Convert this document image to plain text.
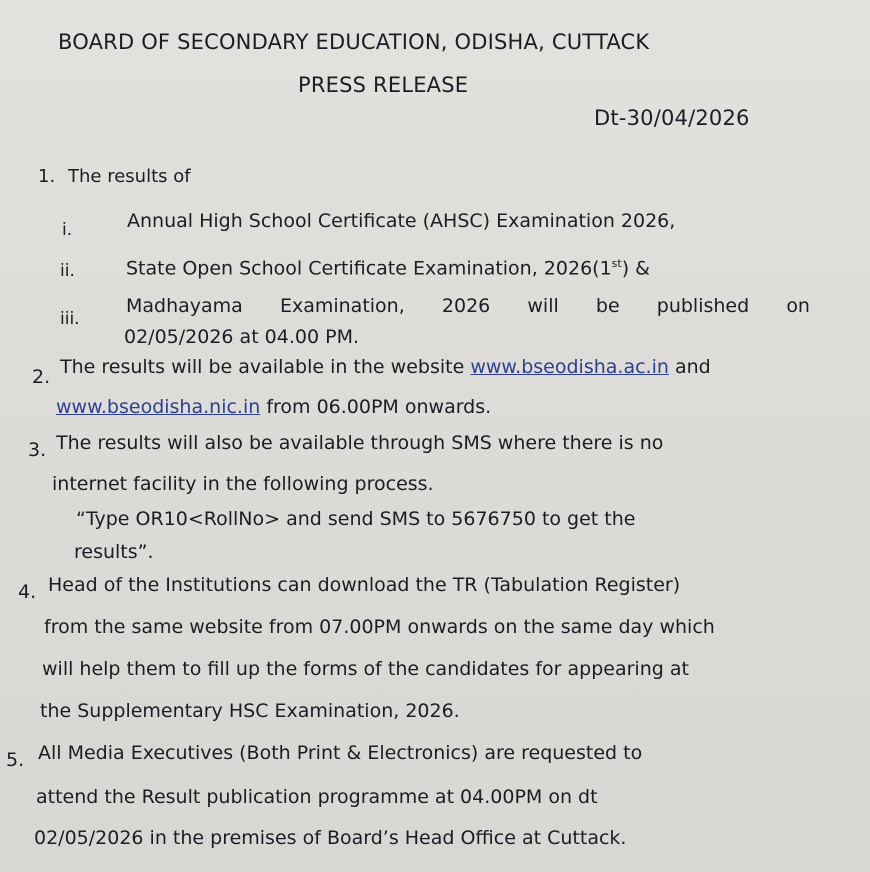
BOARD OF SECONDARY EDUCATION, ODISHA, CUTTACK
PRESS RELEASE
Dt-30/04/2026
1. The results of
i.	Annual High School Certificate (AHSC) Examination 2026,
ii.	State Open School Certificate Examination, 2026(1st) &
iii.
Madhayama Examination, 2026 will be published on
02/05/2026 at 04.00 PM.
2. The results will be available in the website www.bseodisha.ac.in and
www.bseodisha.nic.in from 06.00PM onwards.
3. The results will also be available through SMS where there is no
internet facility in the following process.
“Type OR10<RollNo> and send SMS to 5676750 to get the
results”.
4. Head of the Institutions can download the TR (Tabulation Register)
from the same website from 07.00PM onwards on the same day which
will help them to fill up the forms of the candidates for appearing at
the Supplementary HSC Examination, 2026.
5. All Media Executives (Both Print & Electronics) are requested to
attend the Result publication programme at 04.00PM on dt
02/05/2026 in the premises of Board’s Head Office at Cuttack.
